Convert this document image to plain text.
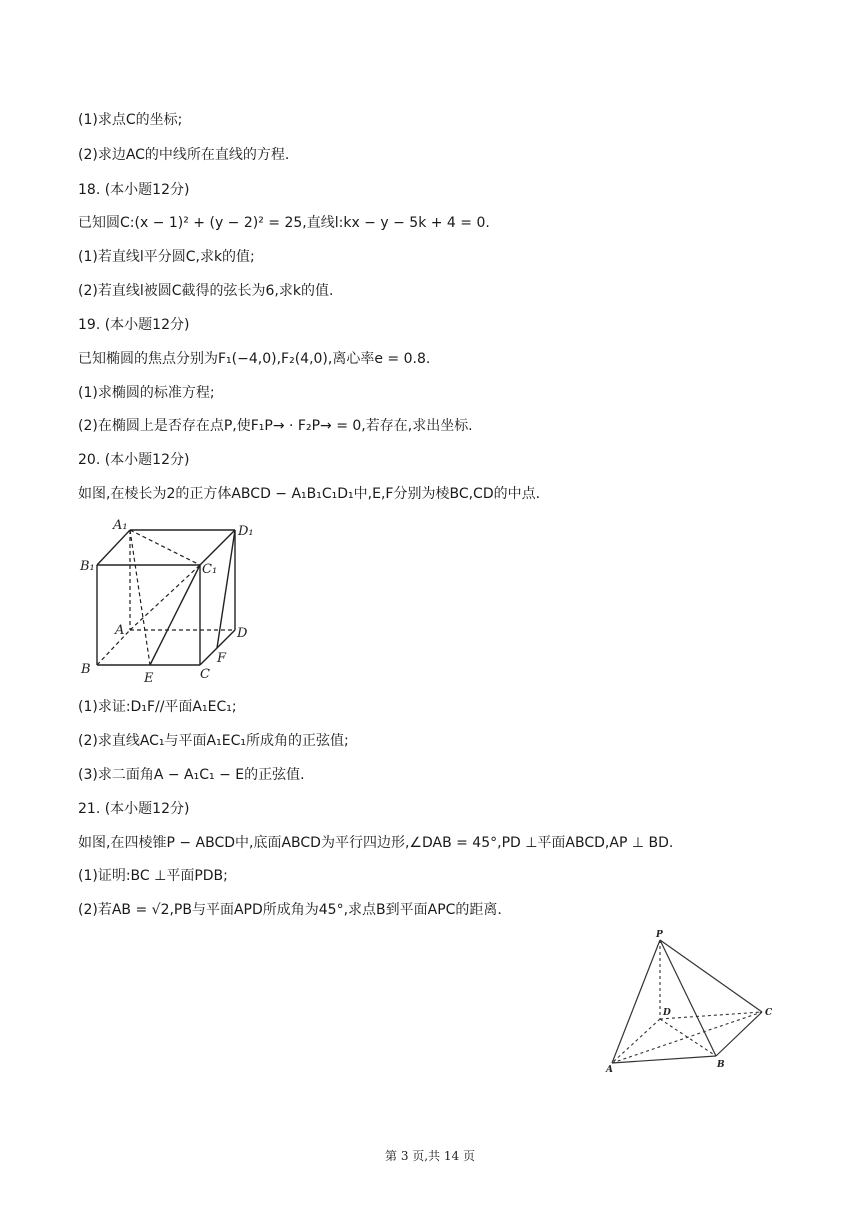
(1)求点C的坐标;
(2)求边AC的中线所在直线的方程.
18. (本小题12分)
已知圆C:(x − 1)² + (y − 2)² = 25,直线l:kx − y − 5k + 4 = 0.
(1)若直线l平分圆C,求k的值;
(2)若直线l被圆C截得的弦长为6,求k的值.
19. (本小题12分)
已知椭圆的焦点分别为F₁(−4,0),F₂(4,0),离心率e = 0.8.
(1)求椭圆的标准方程;
(2)在椭圆上是否存在点P,使F₁P→ · F₂P→ = 0,若存在,求出坐标.
20. (本小题12分)
如图,在棱长为2的正方体ABCD − A₁B₁C₁D₁中,E,F分别为棱BC,CD的中点.
(1)求证:D₁F//平面A₁EC₁;
(2)求直线AC₁与平面A₁EC₁所成角的正弦值;
(3)求二面角A − A₁C₁ − E的正弦值.
21. (本小题12分)
如图,在四棱锥P − ABCD中,底面ABCD为平行四边形,∠DAB = 45°,PD ⊥平面ABCD,AP ⊥ BD.
(1)证明:BC ⊥平面PDB;
(2)若AB = √2,PB与平面APD所成角为45°,求点B到平面APC的距离.
A₁	D₁
B₁	C₁
A	D
B	C
E
F
P
D	C
A	B
第 3 页,共 14 页
